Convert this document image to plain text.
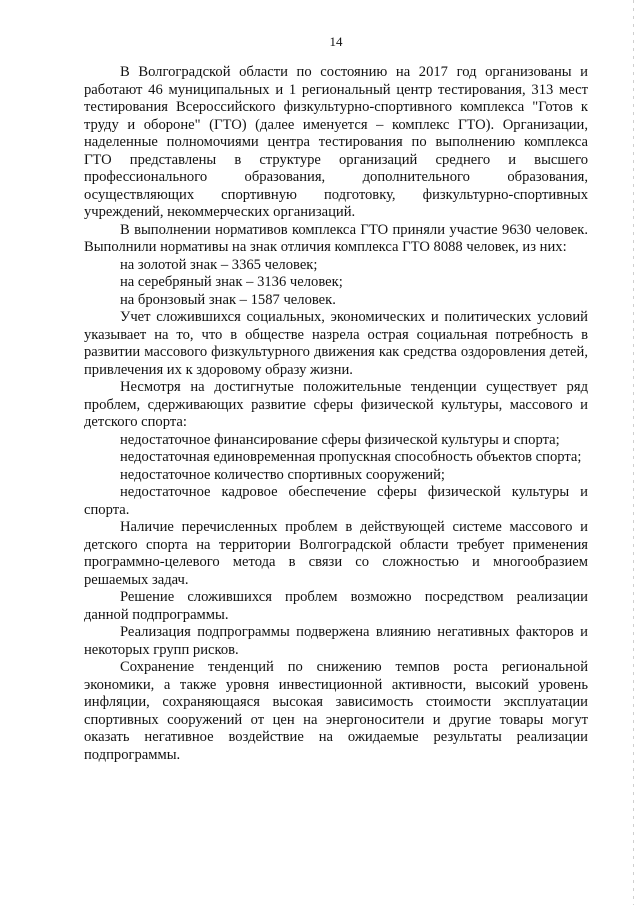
14

В Волгоградской области по состоянию на 2017 год организованы и работают 46 муниципальных и 1 региональный центр тестирования, 313 мест тестирования Всероссийского физкультурно-спортивного комплекса "Готов к труду и обороне" (ГТО) (далее именуется – комплекс ГТО). Организации, наделенные полномочиями центра тестирования по выполнению комплекса ГТО представлены в структуре организаций среднего и высшего профессионального образования, дополнительного образования, осуществляющих спортивную подготовку, физкультурно-спортивных учреждений, некоммерческих организаций.

В выполнении нормативов комплекса ГТО приняли участие 9630 человек. Выполнили нормативы на знак отличия комплекса ГТО 8088 человек, из них:

на золотой знак – 3365 человек;

на серебряный знак – 3136 человек;

на бронзовый знак – 1587 человек.

Учет сложившихся социальных, экономических и политических условий указывает на то, что в обществе назрела острая социальная потребность в развитии массового физкультурного движения как средства оздоровления детей, привлечения их к здоровому образу жизни.

Несмотря на достигнутые положительные тенденции существует ряд проблем, сдерживающих развитие сферы физической культуры, массового и детского спорта:

недостаточное финансирование сферы физической культуры и спорта;

недостаточная единовременная пропускная способность объектов спорта;

недостаточное количество спортивных сооружений;

недостаточное кадровое обеспечение сферы физической культуры и спорта.

Наличие перечисленных проблем в действующей системе массового и детского спорта на территории Волгоградской области требует применения программно-целевого метода в связи со сложностью и многообразием решаемых задач.

Решение сложившихся проблем возможно посредством реализации данной подпрограммы.

Реализация подпрограммы подвержена влиянию негативных факторов и некоторых групп рисков.

Сохранение тенденций по снижению темпов роста региональной экономики, а также уровня инвестиционной активности, высокий уровень инфляции, сохраняющаяся высокая зависимость стоимости эксплуатации спортивных сооружений от цен на энергоносители и другие товары могут оказать негативное воздействие на ожидаемые результаты реализации подпрограммы.
